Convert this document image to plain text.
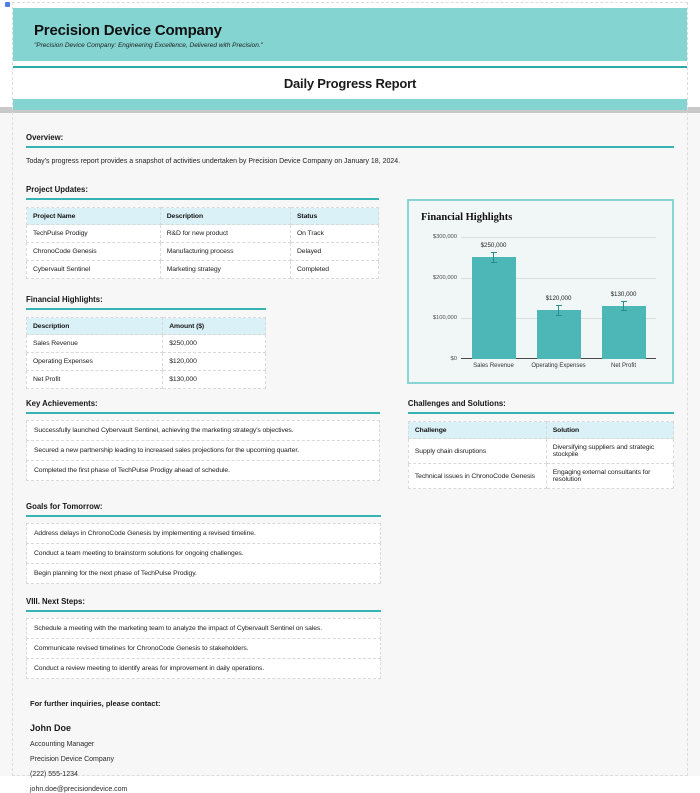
Precision Device Company
"Precision Device Company: Engineering Excellence, Delivered with Precision."
Daily Progress Report
Overview:
Today's progress report provides a snapshot of activities undertaken by Precision Device Company on January 18, 2024.
Project Updates:
Project Name	Description	Status
TechPulse Prodigy	R&D for new product	On Track
ChronoCode Genesis	Manufacturing process	Delayed
Cybervault Sentinel	Marketing strategy	Completed
Financial Highlights:
Description	Amount ($)
Sales Revenue	$250,000
Operating Expenses	$120,000
Net Profit	$130,000
Financial Highlights
$300,000
$200,000
$100,000
$0
$250,000
$120,000
$130,000
Sales Revenue	Operating Expenses	Net Profit
Key Achievements:
Successfully launched Cybervault Sentinel, achieving the marketing strategy's objectives.
Secured a new partnership leading to increased sales projections for the upcoming quarter.
Completed the first phase of TechPulse Prodigy ahead of schedule.
Challenges and Solutions:
Challenge	Solution
Supply chain disruptions	Diversifying suppliers and strategic stockpile
Technical issues in ChronoCode Genesis	Engaging external consultants for resolution
Goals for Tomorrow:
Address delays in ChronoCode Genesis by implementing a revised timeline.
Conduct a team meeting to brainstorm solutions for ongoing challenges.
Begin planning for the next phase of TechPulse Prodigy.
VIII. Next Steps:
Schedule a meeting with the marketing team to analyze the impact of Cybervault Sentinel on sales.
Communicate revised timelines for ChronoCode Genesis to stakeholders.
Conduct a review meeting to identify areas for improvement in daily operations.
For further inquiries, please contact:
John Doe
Accounting Manager
Precision Device Company
(222) 555-1234
john.doe@precisiondevice.com
